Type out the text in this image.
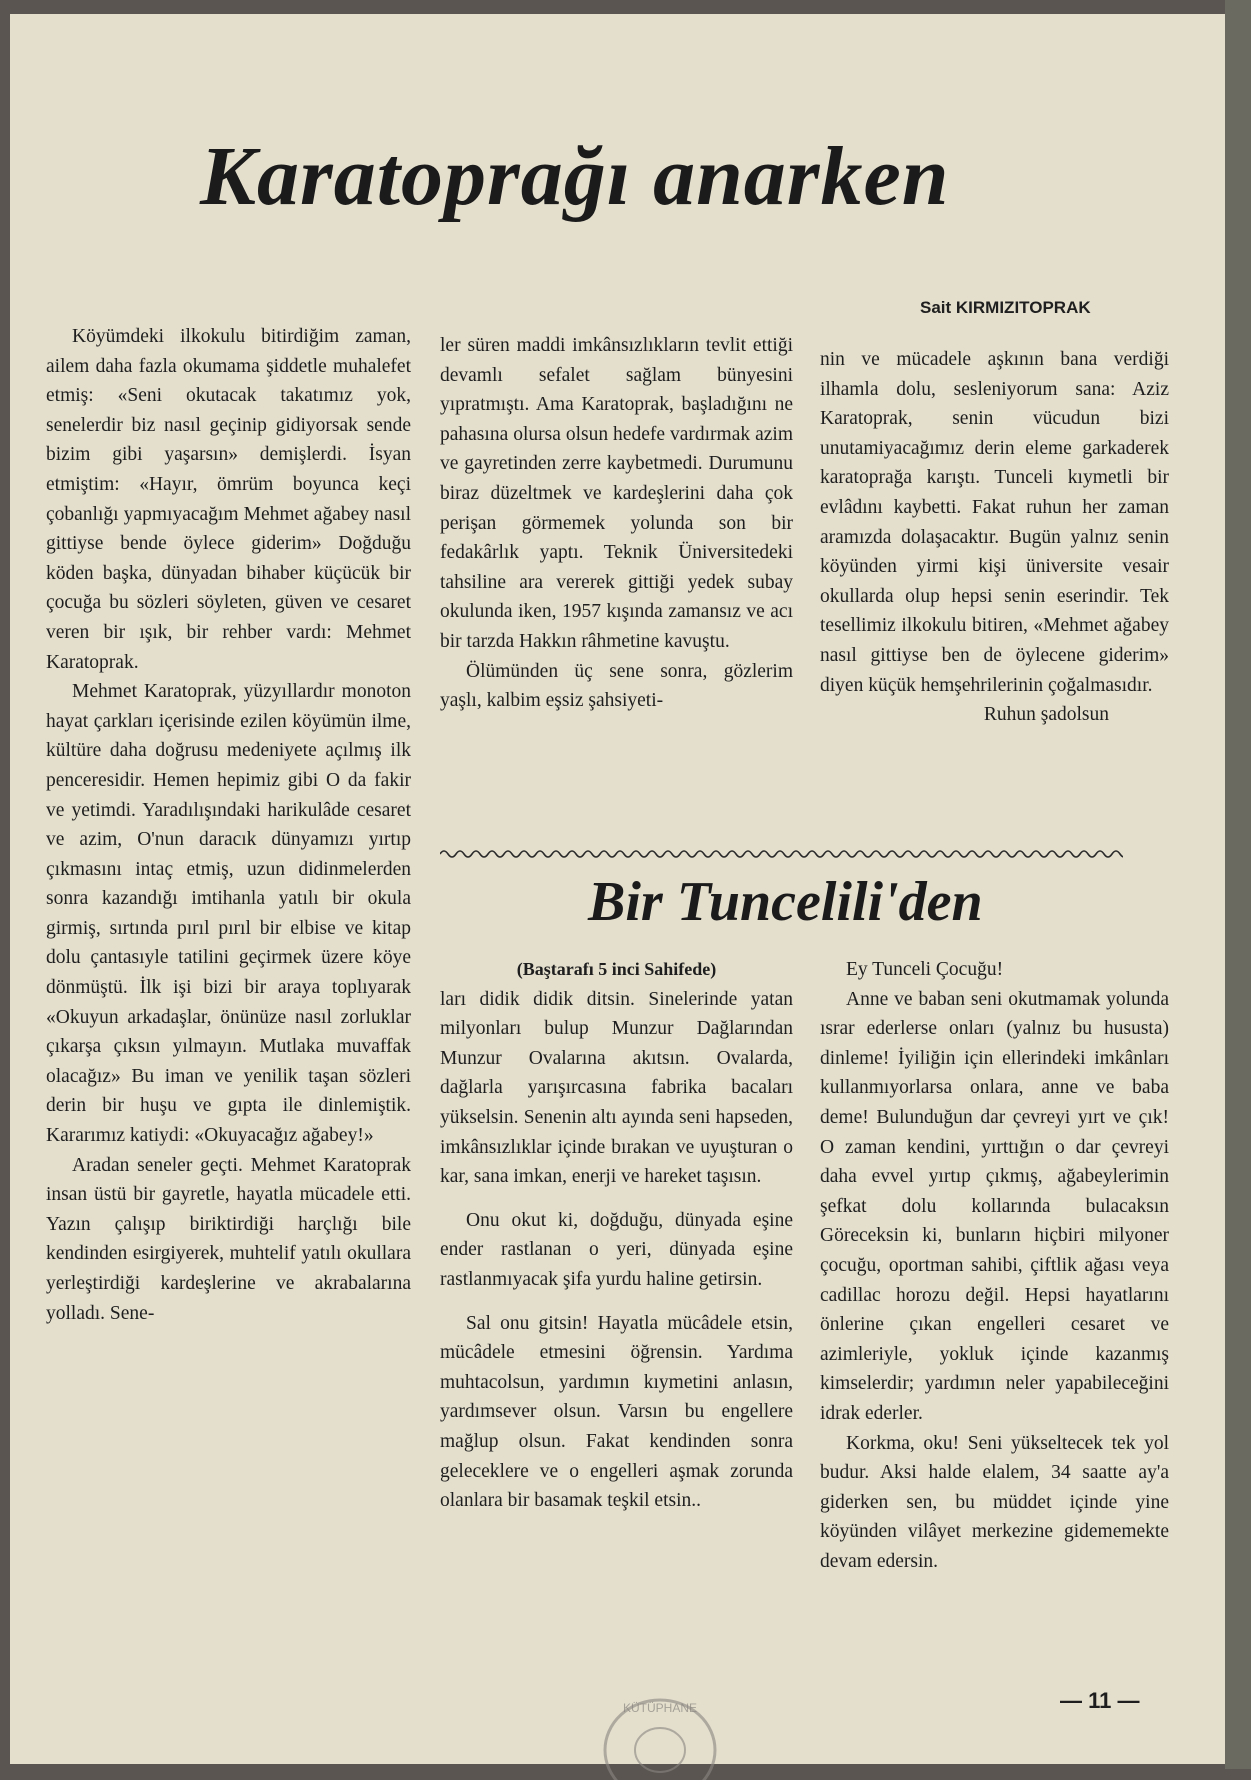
Karatoprağı anarken
Sait KIRMIZITOPRAK

Köyümdeki ilkokulu bitirdiğim zaman, ailem daha fazla okumama şiddetle muhalefet etmiş: «Seni okutacak takatımız yok, senelerdir biz nasıl geçinip gidiyorsak sende bizim gibi yaşarsın» demişlerdi. İsyan etmiştim: «Hayır, ömrüm boyunca keçi çobanlığı yapmıyacağım Mehmet ağabey nasıl gittiyse bende öylece giderim» Doğduğu köden başka, dünyadan bihaber küçücük bir çocuğa bu sözleri söyleten, güven ve cesaret veren bir ışık, bir rehber vardı: Mehmet Karatoprak.

Mehmet Karatoprak, yüzyıllardır monoton hayat çarkları içerisinde ezilen köyümün ilme, kültüre daha doğrusu medeniyete açılmış ilk penceresidir. Hemen hepimiz gibi O da fakir ve yetimdi. Yaradılışındaki harikulâde cesaret ve azim, O'nun daracık dünyamızı yırtıp çıkmasını intaç etmiş, uzun didinmelerden sonra kazandığı imtihanla yatılı bir okula girmiş, sırtında pırıl pırıl bir elbise ve kitap dolu çantasıyle tatilini geçirmek üzere köye dönmüştü. İlk işi bizi bir araya toplıyarak «Okuyun arkadaşlar, önünüze nasıl zorluklar çıkarşa çıksın yılmayın. Mutlaka muvaffak olacağız» Bu iman ve yenilik taşan sözleri derin bir huşu ve gıpta ile dinlemiştik. Kararımız katiydi: «Okuyacağız ağabey!»

Aradan seneler geçti. Mehmet Karatoprak insan üstü bir gayretle, hayatla mücadele etti. Yazın çalışıp biriktirdiği harçlığı bile kendinden esirgiyerek, muhtelif yatılı okullara yerleştirdiği kardeşlerine ve akrabalarına yolladı. Sene-

ler süren maddi imkânsızlıkların tevlit ettiği devamlı sefalet sağlam bünyesini yıpratmıştı. Ama Karatoprak, başladığını ne pahasına olursa olsun hedefe vardırmak azim ve gayretinden zerre kaybetmedi. Durumunu biraz düzeltmek ve kardeşlerini daha çok perişan görmemek yolunda son bir fedakârlık yaptı. Teknik Üniversitedeki tahsiline ara vererek gittiği yedek subay okulunda iken, 1957 kışında zamansız ve acı bir tarzda Hakkın râhmetine kavuştu.

Ölümünden üç sene sonra, gözlerim yaşlı, kalbim eşsiz şahsiyeti-

nin ve mücadele aşkının bana verdiği ilhamla dolu, sesleniyorum sana: Aziz Karatoprak, senin vücudun bizi unutamiyacağımız derin eleme garkaderek karatoprağa karıştı. Tunceli kıymetli bir evlâdını kaybetti. Fakat ruhun her zaman aramızda dolaşacaktır. Bugün yalnız senin köyünden yirmi kişi üniversite vesair okullarda olup hepsi senin eserindir. Tek tesellimiz ilkokulu bitiren, «Mehmet ağabey nasıl gittiyse ben de öylecene giderim» diyen küçük hemşehrilerinin çoğalmasıdır.

Ruhun şadolsun

Bir Tuncelili'den

(Baştarafı 5 inci Sahifede)

ları didik didik ditsin. Sinelerinde yatan milyonları bulup Munzur Dağlarından Munzur Ovalarına akıtsın. Ovalarda, dağlarla yarışırcasına fabrika bacaları yükselsin. Senenin altı ayında seni hapseden, imkânsızlıklar içinde bırakan ve uyuşturan o kar, sana imkan, enerji ve hareket taşısın.

Onu okut ki, doğduğu, dünyada eşine ender rastlanan o yeri, dünyada eşine rastlanmıyacak şifa yurdu haline getirsin.

Sal onu gitsin! Hayatla mücâdele etsin, mücâdele etmesini öğrensin. Yardıma muhtacolsun, yardımın kıymetini anlasın, yardımsever olsun. Varsın bu engellere mağlup olsun. Fakat kendinden sonra geleceklere ve o engelleri aşmak zorunda olanlara bir basamak teşkil etsin..

Ey Tunceli Çocuğu!

Anne ve baban seni okutmamak yolunda ısrar ederlerse onları (yalnız bu hususta) dinleme! İyiliğin için ellerindeki imkânları kullanmıyorlarsa onlara, anne ve baba deme! Bulunduğun dar çevreyi yırt ve çık! O zaman kendini, yırttığın o dar çevreyi daha evvel yırtıp çıkmış, ağabeylerimin şefkat dolu kollarında bulacaksın Göreceksin ki, bunların hiçbiri milyoner çocuğu, oportman sahibi, çiftlik ağası veya cadillac horozu değil. Hepsi hayatlarını önlerine çıkan engelleri cesaret ve azimleriyle, yokluk içinde kazanmış kimselerdir; yardımın neler yapabileceğini idrak ederler.

Korkma, oku! Seni yükseltecek tek yol budur. Aksi halde elalem, 34 saatte ay'a giderken sen, bu müddet içinde yine köyünden vilâyet merkezine gidememekte devam edersin.

KÜTÜPHANE	— 11 —
